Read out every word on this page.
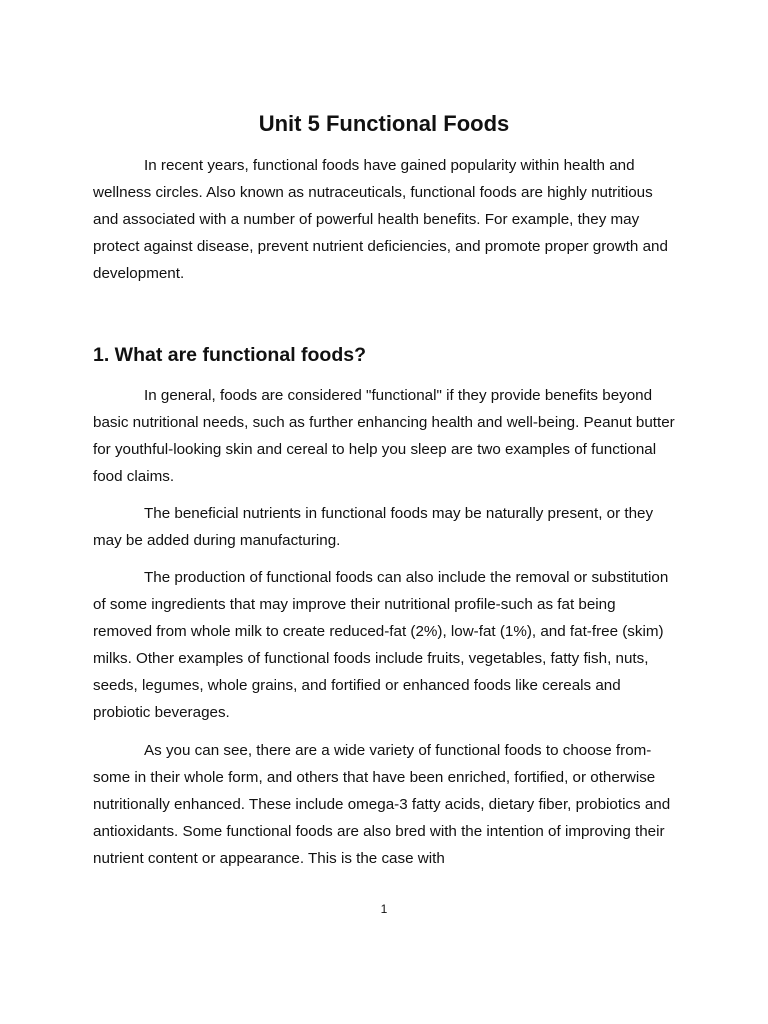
Unit 5 Functional Foods

In recent years, functional foods have gained popularity within health and wellness circles. Also known as nutraceuticals, functional foods are highly nutritious and associated with a number of powerful health benefits. For example, they may protect against disease, prevent nutrient deficiencies, and promote proper growth and development.

1. What are functional foods?

In general, foods are considered "functional" if they provide benefits beyond basic nutritional needs, such as further enhancing health and well-being. Peanut butter for youthful-looking skin and cereal to help you sleep are two examples of functional food claims.

The beneficial nutrients in functional foods may be naturally present, or they may be added during manufacturing.

The production of functional foods can also include the removal or substitution of some ingredients that may improve their nutritional profile-such as fat being removed from whole milk to create reduced-fat (2%), low-fat (1%), and fat-free (skim) milks. Other examples of functional foods include fruits, vegetables, fatty fish, nuts, seeds, legumes, whole grains, and fortified or enhanced foods like cereals and probiotic beverages.

As you can see, there are a wide variety of functional foods to choose from-some in their whole form, and others that have been enriched, fortified, or otherwise nutritionally enhanced. These include omega-3 fatty acids, dietary fiber, probiotics and antioxidants. Some functional foods are also bred with the intention of improving their nutrient content or appearance. This is the case with

1
